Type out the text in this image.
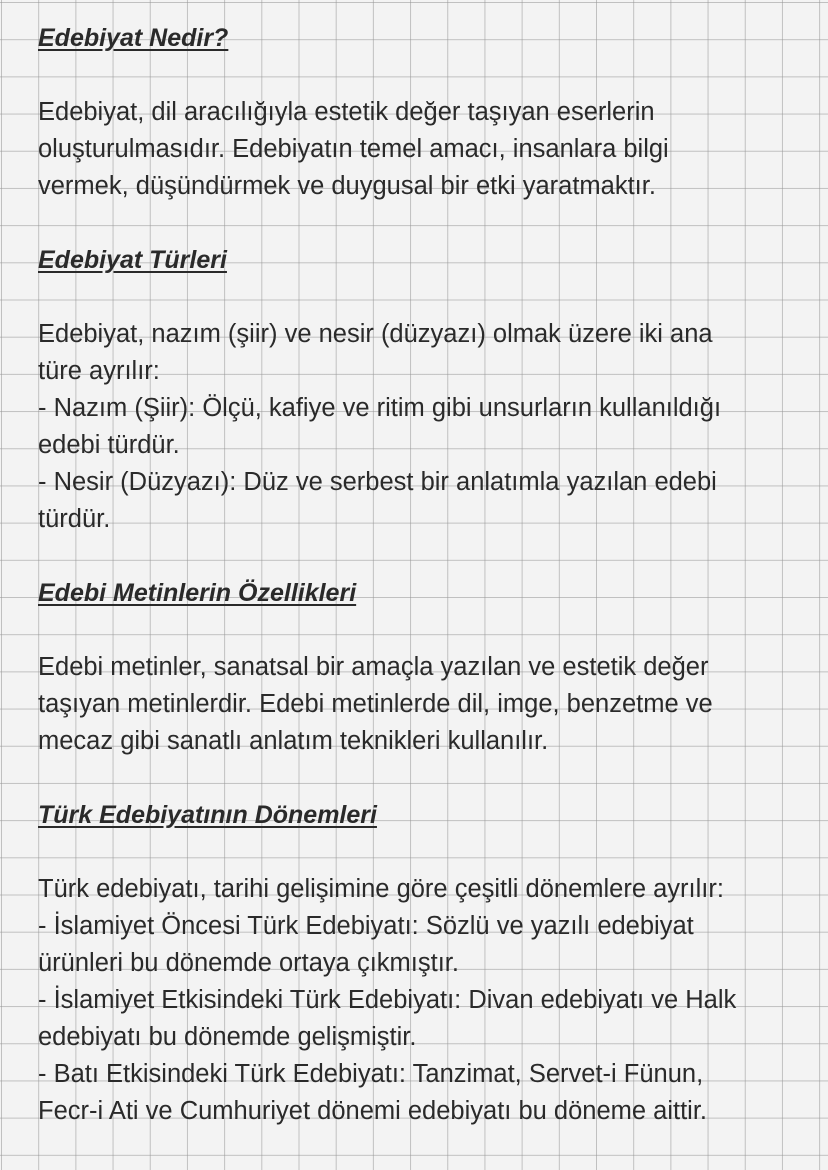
Edebiyat Nedir?

Edebiyat, dil aracılığıyla estetik değer taşıyan eserlerin

oluşturulmasıdır. Edebiyatın temel amacı, insanlara bilgi

vermek, düşündürmek ve duygusal bir etki yaratmaktır.

Edebiyat Türleri

Edebiyat, nazım (şiir) ve nesir (düzyazı) olmak üzere iki ana

türe ayrılır:

- Nazım (Şiir): Ölçü, kafiye ve ritim gibi unsurların kullanıldığı

edebi türdür.

- Nesir (Düzyazı): Düz ve serbest bir anlatımla yazılan edebi

türdür.

Edebi Metinlerin Özellikleri

Edebi metinler, sanatsal bir amaçla yazılan ve estetik değer

taşıyan metinlerdir. Edebi metinlerde dil, imge, benzetme ve

mecaz gibi sanatlı anlatım teknikleri kullanılır.

Türk Edebiyatının Dönemleri

Türk edebiyatı, tarihi gelişimine göre çeşitli dönemlere ayrılır:

- İslamiyet Öncesi Türk Edebiyatı: Sözlü ve yazılı edebiyat

ürünleri bu dönemde ortaya çıkmıştır.

- İslamiyet Etkisindeki Türk Edebiyatı: Divan edebiyatı ve Halk

edebiyatı bu dönemde gelişmiştir.

- Batı Etkisindeki Türk Edebiyatı: Tanzimat, Servet-i Fünun,

Fecr-i Ati ve Cumhuriyet dönemi edebiyatı bu döneme aittir.
